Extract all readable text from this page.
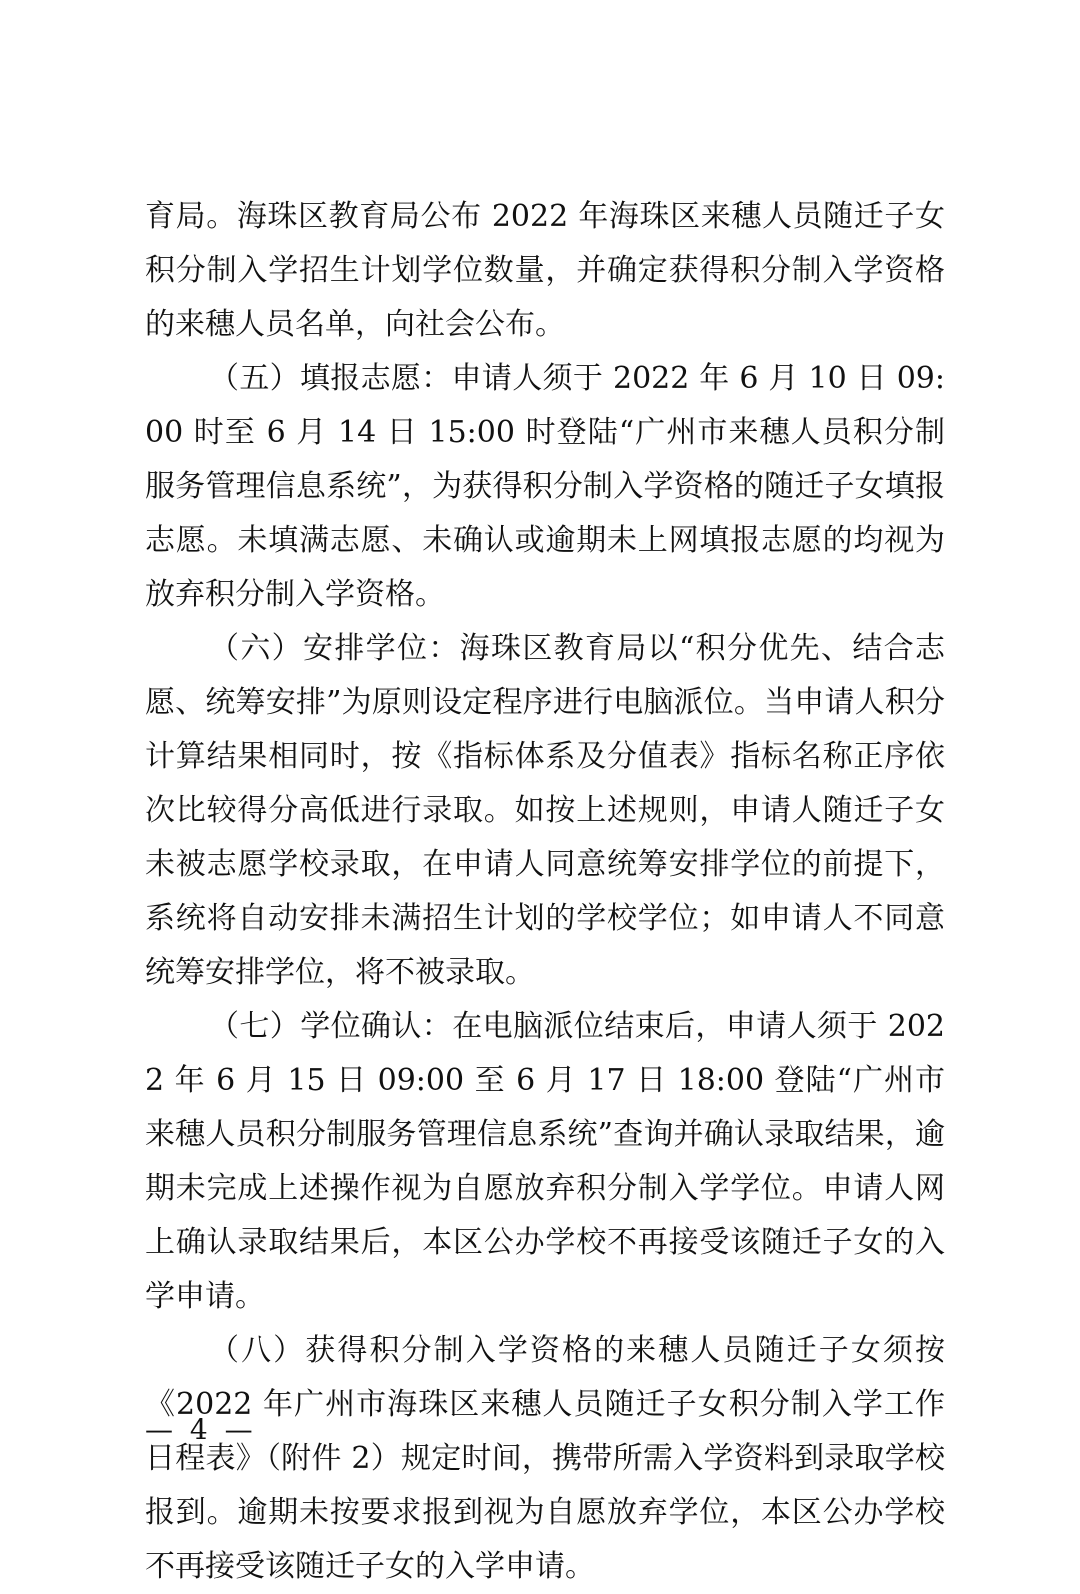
育局。海珠区教育局公布 2022 年海珠区来穗人员随迁子女积分制入学招生计划学位数量，并确定获得积分制入学资格的来穗人员名单，向社会公布。

（五）填报志愿：申请人须于 2022 年 6 月 10 日 09:00 时至 6 月 14 日 15:00 时登陆“广州市来穗人员积分制服务管理信息系统”，为获得积分制入学资格的随迁子女填报志愿。未填满志愿、未确认或逾期未上网填报志愿的均视为放弃积分制入学资格。

（六）安排学位：海珠区教育局以“积分优先、结合志愿、统筹安排”为原则设定程序进行电脑派位。当申请人积分计算结果相同时，按《指标体系及分值表》指标名称正序依次比较得分高低进行录取。如按上述规则，申请人随迁子女未被志愿学校录取，在申请人同意统筹安排学位的前提下，系统将自动安排未满招生计划的学校学位；如申请人不同意统筹安排学位，将不被录取。

（七）学位确认：在电脑派位结束后，申请人须于 2022 年 6 月 15 日 09:00 至 6 月 17 日 18:00 登陆“广州市来穗人员积分制服务管理信息系统”查询并确认录取结果，逾期未完成上述操作视为自愿放弃积分制入学学位。申请人网上确认录取结果后，本区公办学校不再接受该随迁子女的入学申请。

（八）获得积分制入学资格的来穗人员随迁子女须按《2022 年广州市海珠区来穗人员随迁子女积分制入学工作日程表》（附件 2）规定时间，携带所需入学资料到录取学校报到。逾期未按要求报到视为自愿放弃学位，本区公办学校不再接受该随迁子女的入学申请。

— 4 —
